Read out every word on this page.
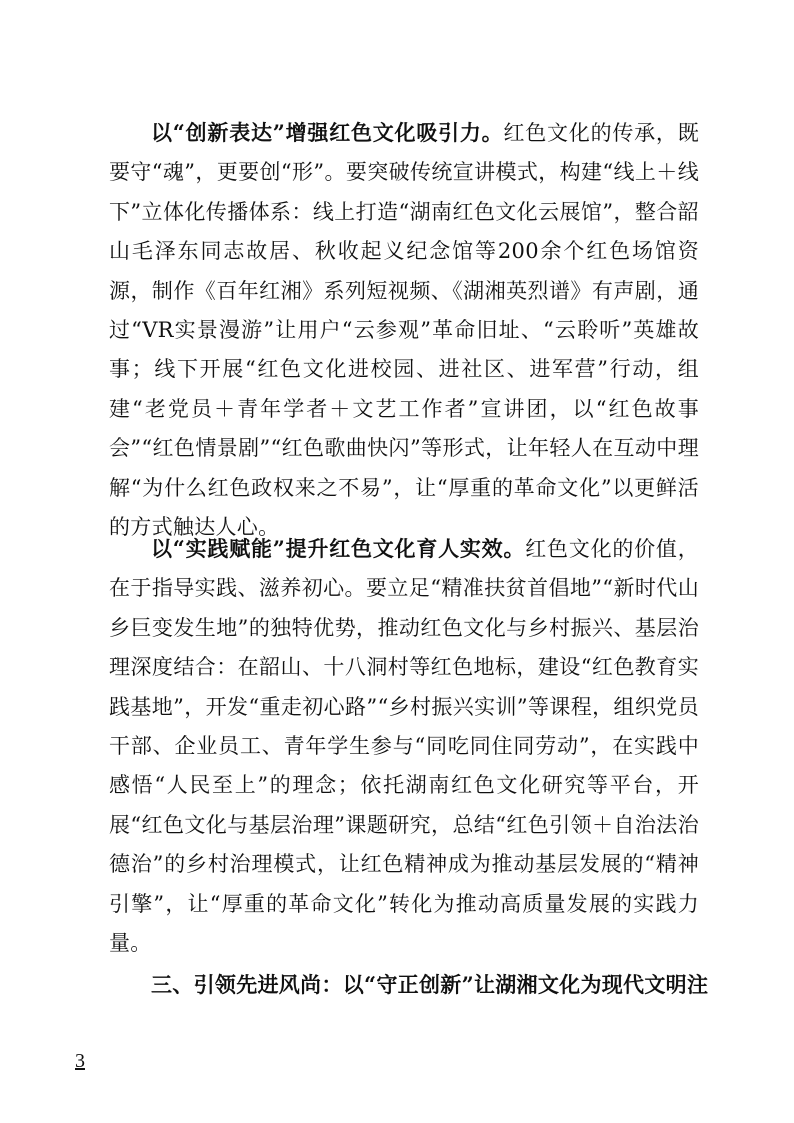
以“创新表达”增强红色文化吸引力。红色文化的传承，既要守“魂”，更要创“形”。要突破传统宣讲模式，构建“线上＋线下”立体化传播体系：线上打造“湖南红色文化云展馆”，整合韶山毛泽东同志故居、秋收起义纪念馆等200余个红色场馆资源，制作《百年红湘》系列短视频、《湖湘英烈谱》有声剧，通过“VR实景漫游”让用户“云参观”革命旧址、“云聆听”英雄故事；线下开展“红色文化进校园、进社区、进军营”行动，组建“老党员＋青年学者＋文艺工作者”宣讲团，以“红色故事会”“红色情景剧”“红色歌曲快闪”等形式，让年轻人在互动中理解“为什么红色政权来之不易”，让“厚重的革命文化”以更鲜活的方式触达人心。

以“实践赋能”提升红色文化育人实效。红色文化的价值，在于指导实践、滋养初心。要立足“精准扶贫首倡地”“新时代山乡巨变发生地”的独特优势，推动红色文化与乡村振兴、基层治理深度结合：在韶山、十八洞村等红色地标，建设“红色教育实践基地”，开发“重走初心路”“乡村振兴实训”等课程，组织党员干部、企业员工、青年学生参与“同吃同住同劳动”，在实践中感悟“人民至上”的理念；依托湖南红色文化研究等平台，开展“红色文化与基层治理”课题研究，总结“红色引领＋自治法治德治”的乡村治理模式，让红色精神成为推动基层发展的“精神引擎”，让“厚重的革命文化”转化为推动高质量发展的实践力量。

三、引领先进风尚：以“守正创新”让湖湘文化为现代文明注

3
